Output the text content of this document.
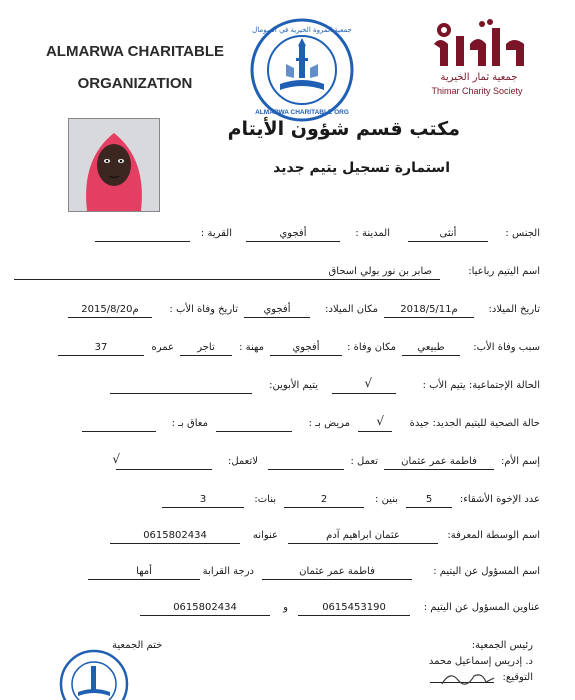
ALMARWA CHARITABLE
ORGANIZATION
جمعية المروة الخيرية في الصومال
ALMARWA CHARITABLE ORG
جمعية ثمار الخيرية
Thimar Charity Society
مكتب قسم شؤون الأيتام
استمارة تسجيل يتيم جديد
الجنس :
أنثى
المدينة :
أفجوي
القرية :
اسم اليتيم رباعيا:
صابر بن نور بولي اسحاق
تاريخ الميلاد:
2018/5/11م
مكان الميلاد:
أفجوي
تاريخ وفاة الأب :
2015/8/20م
سبب وفاة الأب:
طبيعي
مكان وفاة :
أفجوي
مهنة :
تاجر
عمره
37
الحالة الإجتماعية: يتيم الأب :
√
يتيم الأبوين:
حالة الصحية لليتيم الجديد: جيدة
√
مريض بـ :
معاق بـ :
إسم الأم:
فاطمة عمر عثمان
تعمل :
لاتعمل:
√
عدد الإخوة الأشقاء:
5
بنين :
2
بنات:
3
اسم الوسطة المعرفة:
عثمان ابراهيم آدم
عنوانه
0615802434
اسم المسؤول عن اليتيم :
فاطمة عمر عثمان
درجة القرابة
أمها
عناوين المسؤول عن اليتيم :
0615453190
و
0615802434
رئيس الجمعية:
د. إدريس إسماعيل محمد
التوقيع:
ختم الجمعية
